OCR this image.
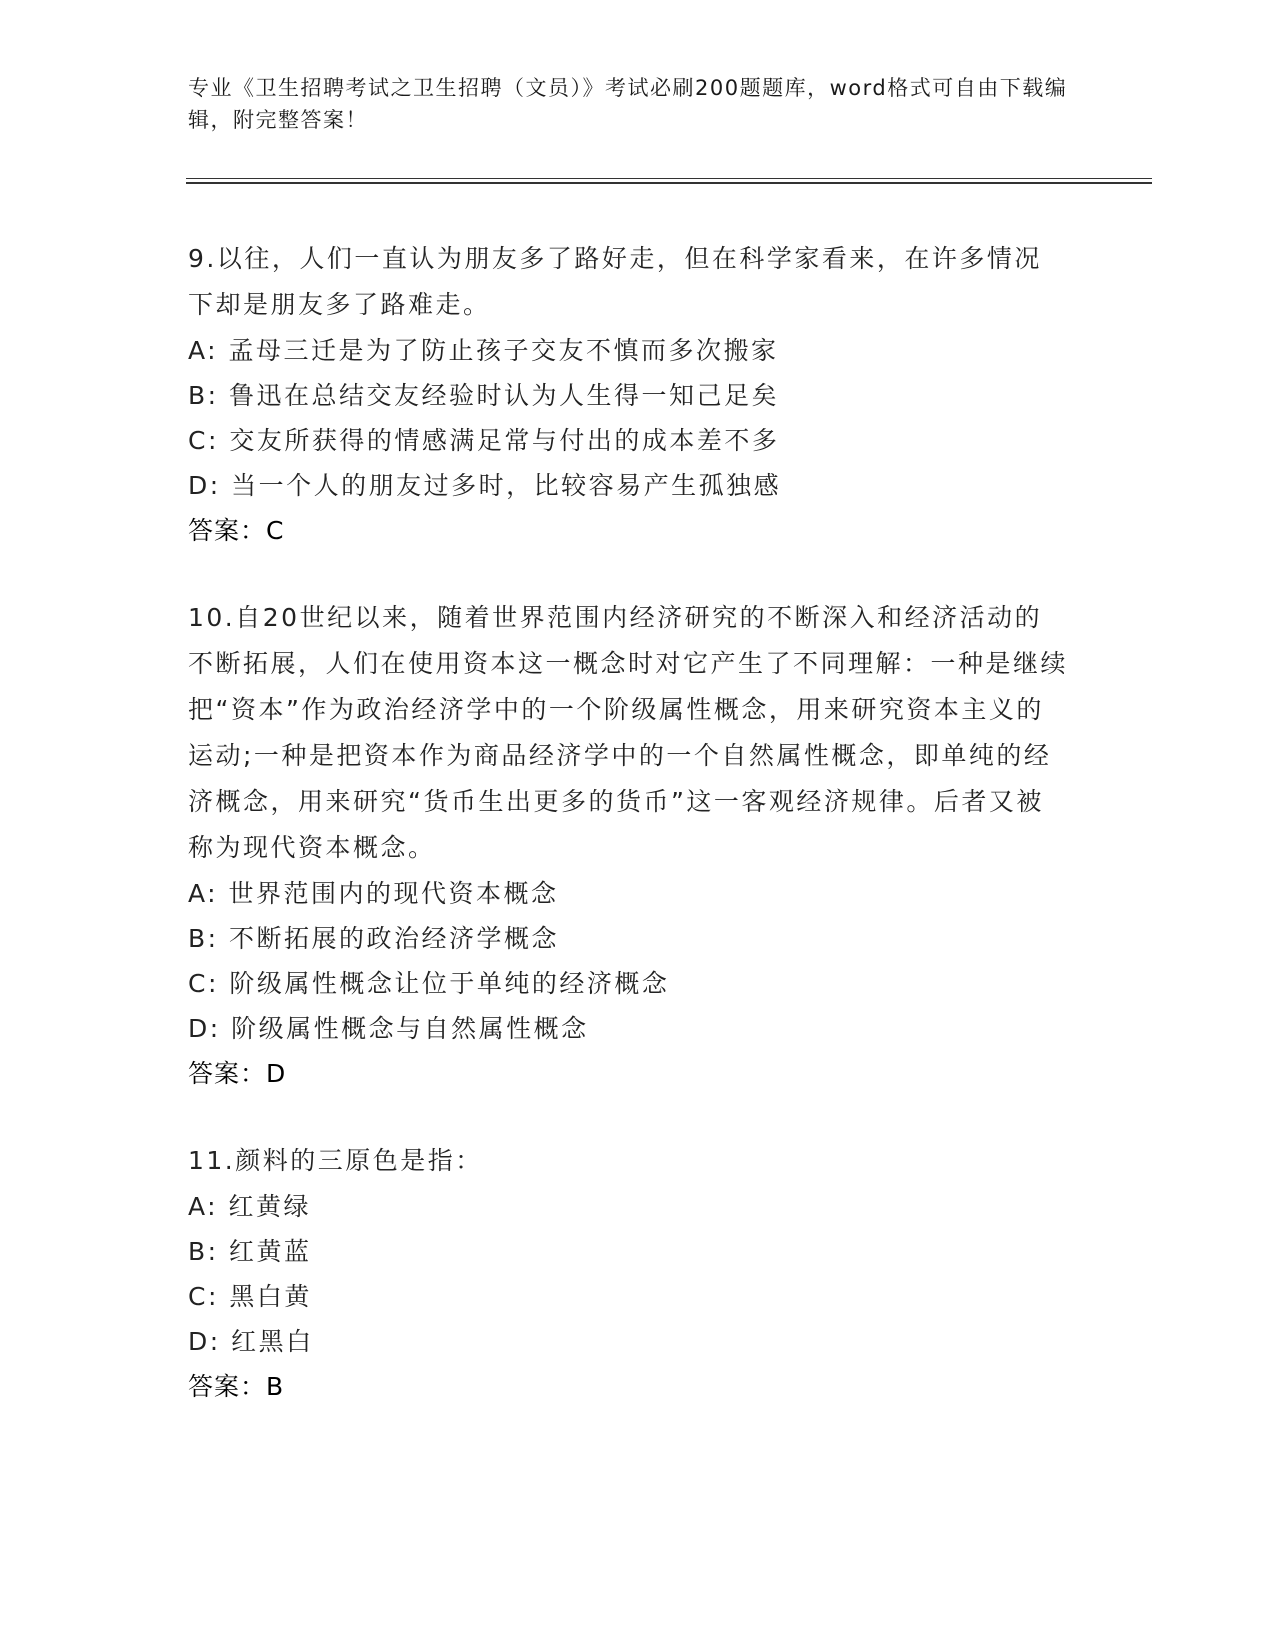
专业《卫生招聘考试之卫生招聘（文员）》考试必刷200题题库，word格式可自由下载编辑，附完整答案！
9.以往，人们一直认为朋友多了路好走，但在科学家看来，在许多情况下却是朋友多了路难走。
A: 孟母三迁是为了防止孩子交友不慎而多次搬家
B: 鲁迅在总结交友经验时认为人生得一知己足矣
C: 交友所获得的情感满足常与付出的成本差不多
D: 当一个人的朋友过多时，比较容易产生孤独感
答案：C
10.自20世纪以来，随着世界范围内经济研究的不断深入和经济活动的不断拓展，人们在使用资本这一概念时对它产生了不同理解：一种是继续把“资本”作为政治经济学中的一个阶级属性概念，用来研究资本主义的运动;一种是把资本作为商品经济学中的一个自然属性概念，即单纯的经济概念，用来研究“货币生出更多的货币”这一客观经济规律。后者又被称为现代资本概念。
A: 世界范围内的现代资本概念
B: 不断拓展的政治经济学概念
C: 阶级属性概念让位于单纯的经济概念
D: 阶级属性概念与自然属性概念
答案：D
11.颜料的三原色是指：
A: 红黄绿
B: 红黄蓝
C: 黑白黄
D: 红黑白
答案：B
